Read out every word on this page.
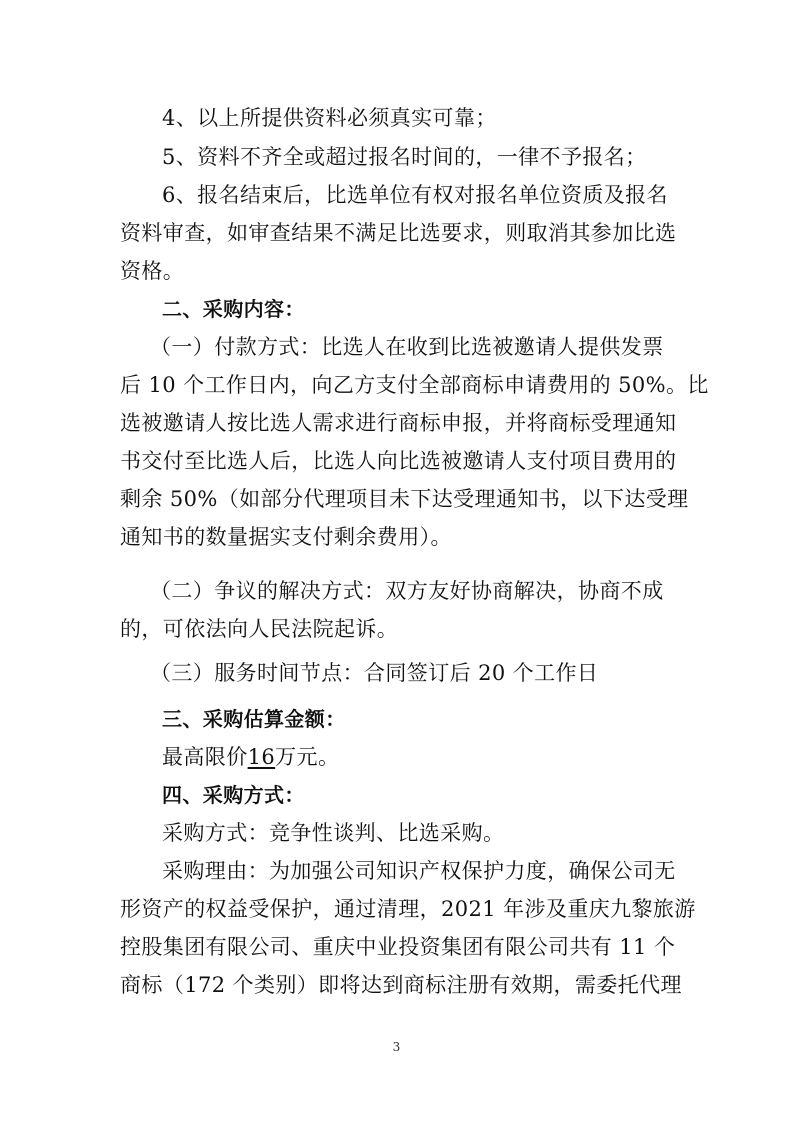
4、以上所提供资料必须真实可靠；
5、资料不齐全或超过报名时间的，一律不予报名；
6、报名结束后，比选单位有权对报名单位资质及报名
资料审查，如审查结果不满足比选要求，则取消其参加比选
资格。
二、采购内容：
（一）付款方式：比选人在收到比选被邀请人提供发票
后 10 个工作日内，向乙方支付全部商标申请费用的 50%。比
选被邀请人按比选人需求进行商标申报，并将商标受理通知
书交付至比选人后，比选人向比选被邀请人支付项目费用的
剩余 50%（如部分代理项目未下达受理通知书，以下达受理
通知书的数量据实支付剩余费用）。
（二）争议的解决方式：双方友好协商解决，协商不成
的，可依法向人民法院起诉。
（三）服务时间节点：合同签订后 20 个工作日
三、采购估算金额：
最高限价16万元。
四、采购方式：
采购方式：竞争性谈判、比选采购。
采购理由：为加强公司知识产权保护力度，确保公司无
形资产的权益受保护，通过清理，2021 年涉及重庆九黎旅游
控股集团有限公司、重庆中业投资集团有限公司共有 11 个
商标（172 个类别）即将达到商标注册有效期，需委托代理
3
